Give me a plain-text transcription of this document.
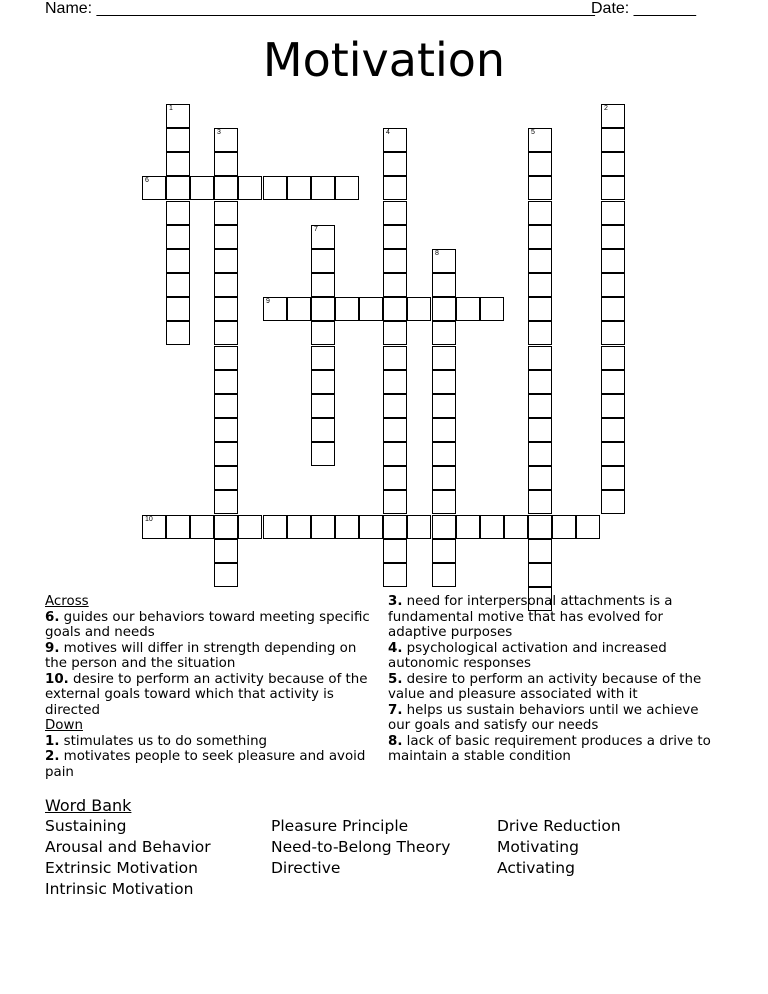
Name: ________________________________________________________
Date: _______
Motivation
1	2
3	4	5
6
7
8
9
10

Across

6. guides our behaviors toward meeting specific goals and needs

9. motives will differ in strength depending on the person and the situation

10. desire to perform an activity because of the external goals toward which that activity is directed

Down

1. stimulates us to do something

2. motivates people to seek pleasure and avoid pain

3. need for interpersonal attachments is a fundamental motive that has evolved for adaptive purposes

4. psychological activation and increased autonomic responses

5. desire to perform an activity because of the value and pleasure associated with it

7. helps us sustain behaviors until we achieve our goals and satisfy our needs

8. lack of basic requirement produces a drive to maintain a stable condition

Word Bank
Sustaining
Arousal and Behavior
Extrinsic Motivation
Intrinsic Motivation
Pleasure Principle
Need-to-Belong Theory
Directive
Drive Reduction
Motivating
Activating
